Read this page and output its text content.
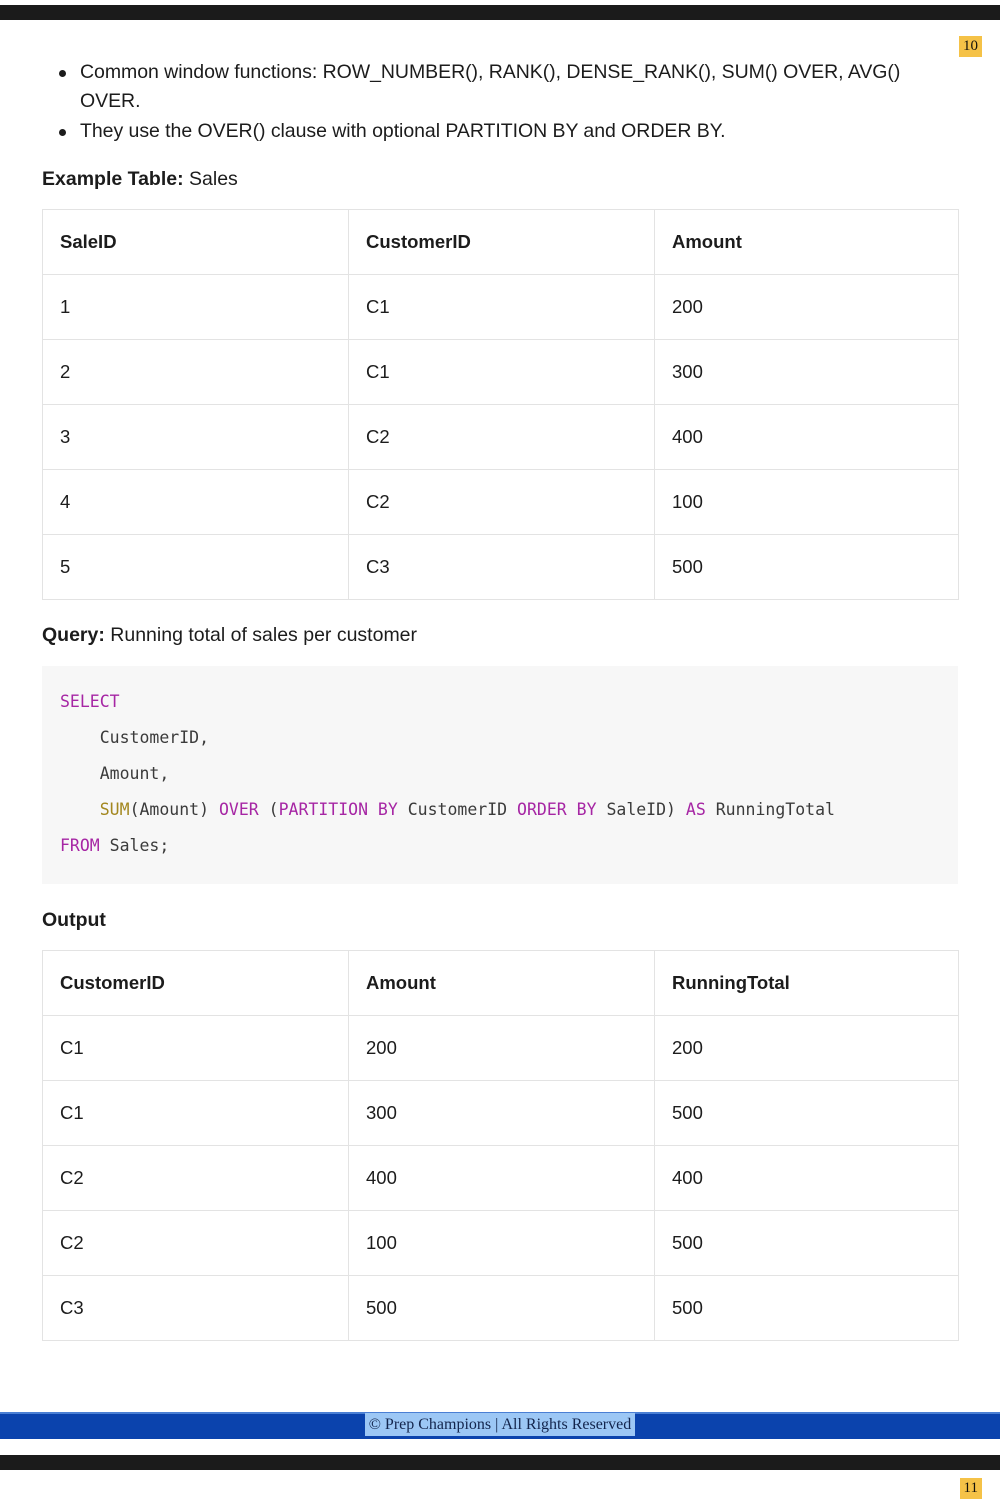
10
Common window functions: ROW_NUMBER(), RANK(), DENSE_RANK(), SUM() OVER, AVG() OVER.
They use the OVER() clause with optional PARTITION BY and ORDER BY.

Example Table: Sales

SaleID	CustomerID	Amount
1	C1	200
2	C1	300
3	C2	400
4	C2	100
5	C3	500

Query: Running total of sales per customer

SELECT
CustomerID,
Amount,
SUM(Amount) OVER (PARTITION BY CustomerID ORDER BY SaleID) AS RunningTotal
FROM Sales;

Output

CustomerID	Amount	RunningTotal
C1	200	200
C1	300	500
C2	400	400
C2	100	500
C3	500	500
© Prep Champions | All Rights Reserved
11
